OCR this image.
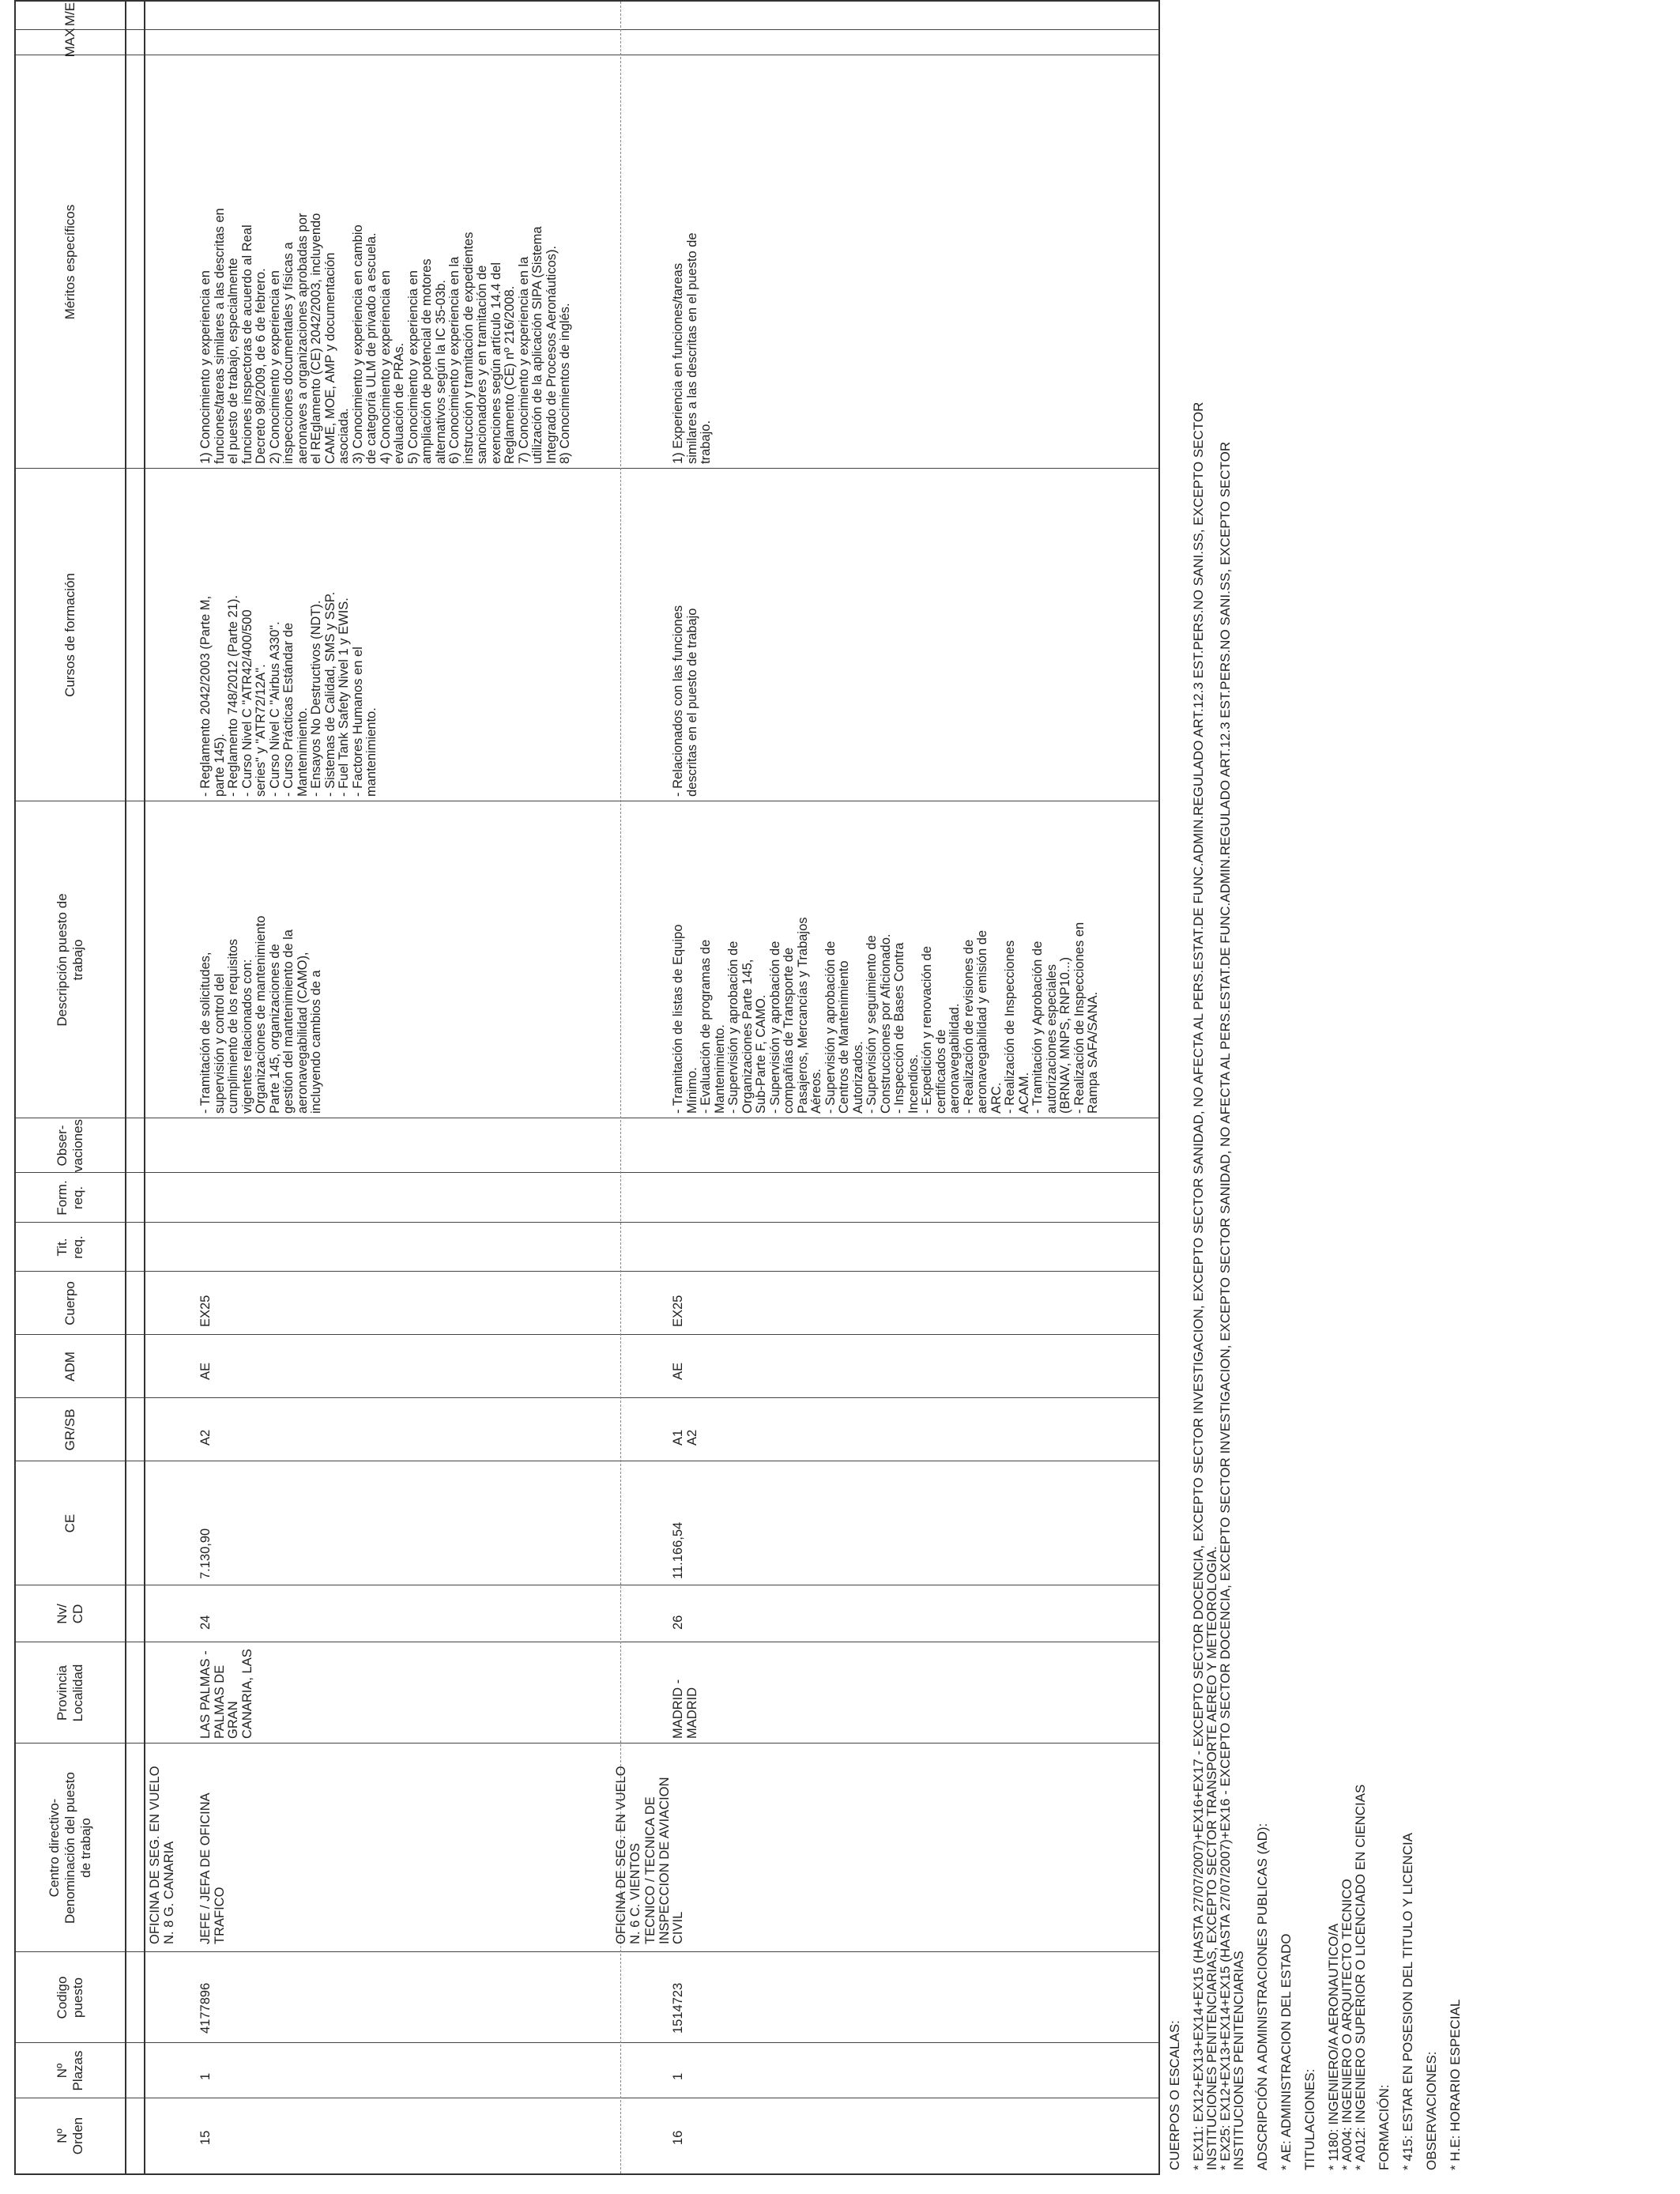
Nº
Orden
Nº
Plazas
Codigo
puesto
Centro directivo-
Denominación del puesto
de trabajo
Provincia
Localidad
Nv/
CD
CE
GR/SB
ADM
Cuerpo
Tit.
req.
Form.
req.
Obser-
vaciones
Descripción puesto de
trabajo
Cursos de formación
Méritos específicos
MAX
M/E
OFICINA DE SEG. EN VUELO
N. 8 G. CANARIA
OFICINA DE SEG. EN VUELO
N. 6 C. VIENTOS
15
1
4177896
JEFE / JEFA DE OFICINA
TRAFICO
LAS PALMAS -
PALMAS DE
GRAN
CANARIA, LAS
24
7.130,90
A2
AE
EX25
- Tramitación de solicitudes,
supervisión y control del
cumplimiento de los requisitos
vigentes relacionados con:
Organizaciones de mantenimiento
Parte 145, organizaciones de
gestión del mantenimiento de la
aeronavegabilidad (CAMO),
incluyendo cambios de a
- Reglamento 2042/2003 (Parte M,
parte 145).
- Reglamento 748/2012 (Parte 21).
- Curso Nivel C "ATR42/400/500
series" y "ATR72/12A".
- Curso Nivel C "Airbus A330".
- Curso Prácticas Estándar de
Mantenimiento.
- Ensayos No Destructivos (NDT).
- Sistemas de Calidad, SMS y SSP.
- Fuel Tank Safety Nivel 1 y EWIS.
- Factores Humanos en el
mantenimiento.
1) Conocimiento y experiencia en
funciones/tareas similares a las descritas en
el puesto de trabajo, especialmente
funciones inspectoras de acuerdo al Real
Decreto 98/2009, de 6 de febrero.
2) Conocimiento y experiencia en
inspecciones documentales y físicas a
aeronaves a organizaciones aprobadas por
el REglamento (CE) 2042/2003, incluyendo
CAME, MOE, AMP y documentación
asociada.
3) Conocimiento y experiencia en cambio
de categoría ULM de privado a escuela.
4) Conocimiento y experiencia en
evaluación de PRAs.
5) Conocimiento y experiencia en
ampliación de potencial de motores
alternativos según la IC 35-03b.
6) Conocimiento y experiencia en la
instrucción y tramitación de expedientes
sancionadores y en tramitación de
exenciones según artículo 14.4 del
Reglamento (CE) nº 216/2008.
7) Conocimiento y experiencia en la
utilización de la aplicación SIPA (Sistema
Integrado de Procesos Aeronáuticos).
8) Conocimientos de inglés.
16
1
1514723
TECNICO / TECNICA DE
INSPECCION DE AVIACION
CIVIL
MADRID -
MADRID
26
11.166,54
A1
A2
AE
EX25
- Tramitación de listas de Equipo
Mínimo.
- Evaluación de programas de
Mantenimiento.
- Supervisión y aprobación de
Organizaciones Parte 145,
Sub-Parte F, CAMO.
- Supervisión y aprobación de
compañías de Transporte de
Pasajeros, Mercancías y Trabajos
Aéreos.
- Supervisión y aprobación de
Centros de Mantenimiento
Autorizados.
- Supervisión y seguimiento de
Construcciones por Aficionado.
- Inspección de Bases Contra
Incendios.
- Expedición y renovación de
certificados de
aeronavegabilidad.
- Realización de revisiones de
aeronavegabilidad y emisión de
ARC.
- Realización de Inspecciones
ACAM.
- Tramitación y Aprobación de
autorizaciones especiales
(BRNAV, MNPS, RNP10...)
- Realización de Inspecciones en
Rampa SAFA/SANA.
- Relacionados con las funciones
descritas en el puesto de trabajo
1) Experiencia en funciones/tareas
similares a las descritas en el puesto de
trabajo.

CUERPOS O ESCALAS: * EX11: EX12+EX13+EX14+EX15 (HASTA 27/07/2007)+EX16+EX17 - EXCEPTO SECTOR DOCENCIA, EXCEPTO SECTOR INVESTIGACION, EXCEPTO SECTOR SANIDAD, NO AFECTA AL PERS.ESTAT.DE FUNC.ADMIN.REGULADO ART.12.3 EST.PERS.NO SANI.SS, EXCEPTO SECTOR
INSTITUCIONES PENITENCIARIAS, EXCEPTO SECTOR TRANSPORTE AEREO Y METEOROLOGIA.

* EX25: EX12+EX13+EX14+EX15 (HASTA 27/07/2007)+EX16 - EXCEPTO SECTOR DOCENCIA, EXCEPTO SECTOR INVESTIGACION, EXCEPTO SECTOR SANIDAD, NO AFECTA AL PERS.ESTAT.DE FUNC.ADMIN.REGULADO ART.12.3 EST.PERS.NO SANI.SS, EXCEPTO SECTOR
INSTITUCIONES PENITENCIARIAS ADSCRIPCIÓN A ADMINISTRACIONES PUBLICAS (AD): * AE: ADMINISTRACION DEL ESTADO TITULACIONES: * 1180: INGENIERO/A AERONAUTICO/A
* A004: INGENIERO O ARQUITECTO TECNICO
* A012: INGENIERO SUPERIOR O LICENCIADO EN CIENCIAS

FORMACIÓN: * 415: ESTAR EN POSESION DEL TITULO Y LICENCIA OBSERVACIONES: * H.E: HORARIO ESPECIAL
